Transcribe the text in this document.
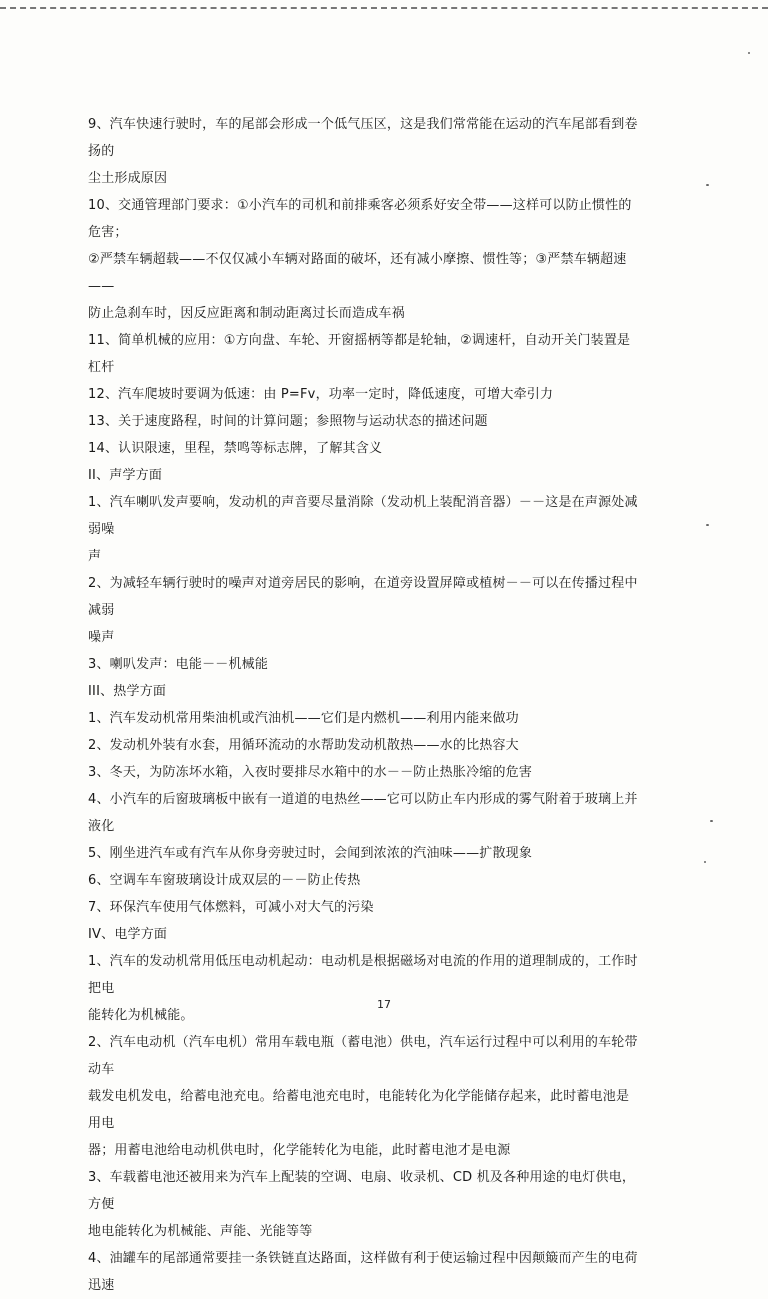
9、汽车快速行驶时，车的尾部会形成一个低气压区，这是我们常常能在运动的汽车尾部看到卷扬的

尘土形成原因

10、交通管理部门要求：①小汽车的司机和前排乘客必须系好安全带——这样可以防止惯性的危害；

②严禁车辆超载——不仅仅减小车辆对路面的破坏，还有减小摩擦、惯性等；③严禁车辆超速——

防止急刹车时，因反应距离和制动距离过长而造成车祸

11、简单机械的应用：①方向盘、车轮、开窗摇柄等都是轮轴，②调速杆，自动开关门装置是杠杆

12、汽车爬坡时要调为低速：由 P=Fv，功率一定时，降低速度，可增大牵引力

13、关于速度路程，时间的计算问题；参照物与运动状态的描述问题

14、认识限速，里程，禁鸣等标志牌，了解其含义

II、声学方面

1、汽车喇叭发声要响，发动机的声音要尽量消除（发动机上装配消音器）－－这是在声源处减弱噪

声

2、为减轻车辆行驶时的噪声对道旁居民的影响，在道旁设置屏障或植树－－可以在传播过程中减弱

噪声

3、喇叭发声：电能－－机械能

III、热学方面

1、汽车发动机常用柴油机或汽油机——它们是内燃机——利用内能来做功

2、发动机外装有水套，用循环流动的水帮助发动机散热——水的比热容大

3、冬天，为防冻坏水箱，入夜时要排尽水箱中的水－－防止热胀冷缩的危害

4、小汽车的后窗玻璃板中嵌有一道道的电热丝——它可以防止车内形成的雾气附着于玻璃上并液化

5、刚坐进汽车或有汽车从你身旁驶过时，会闻到浓浓的汽油味——扩散现象

6、空调车车窗玻璃设计成双层的－－防止传热

7、环保汽车使用气体燃料，可减小对大气的污染

IV、电学方面

1、汽车的发动机常用低压电动机起动：电动机是根据磁场对电流的作用的道理制成的，工作时把电

能转化为机械能。

2、汽车电动机（汽车电机）常用车载电瓶（蓄电池）供电，汽车运行过程中可以利用的车轮带动车

载发电机发电，给蓄电池充电。给蓄电池充电时，电能转化为化学能储存起来，此时蓄电池是用电

器；用蓄电池给电动机供电时，化学能转化为电能，此时蓄电池才是电源

3、车载蓄电池还被用来为汽车上配装的空调、电扇、收录机、CD 机及各种用途的电灯供电，方便

地电能转化为机械能、声能、光能等等

4、油罐车的尾部通常要挂一条铁链直达路面，这样做有利于使运输过程中因颠簸而产生的电荷迅速

17
